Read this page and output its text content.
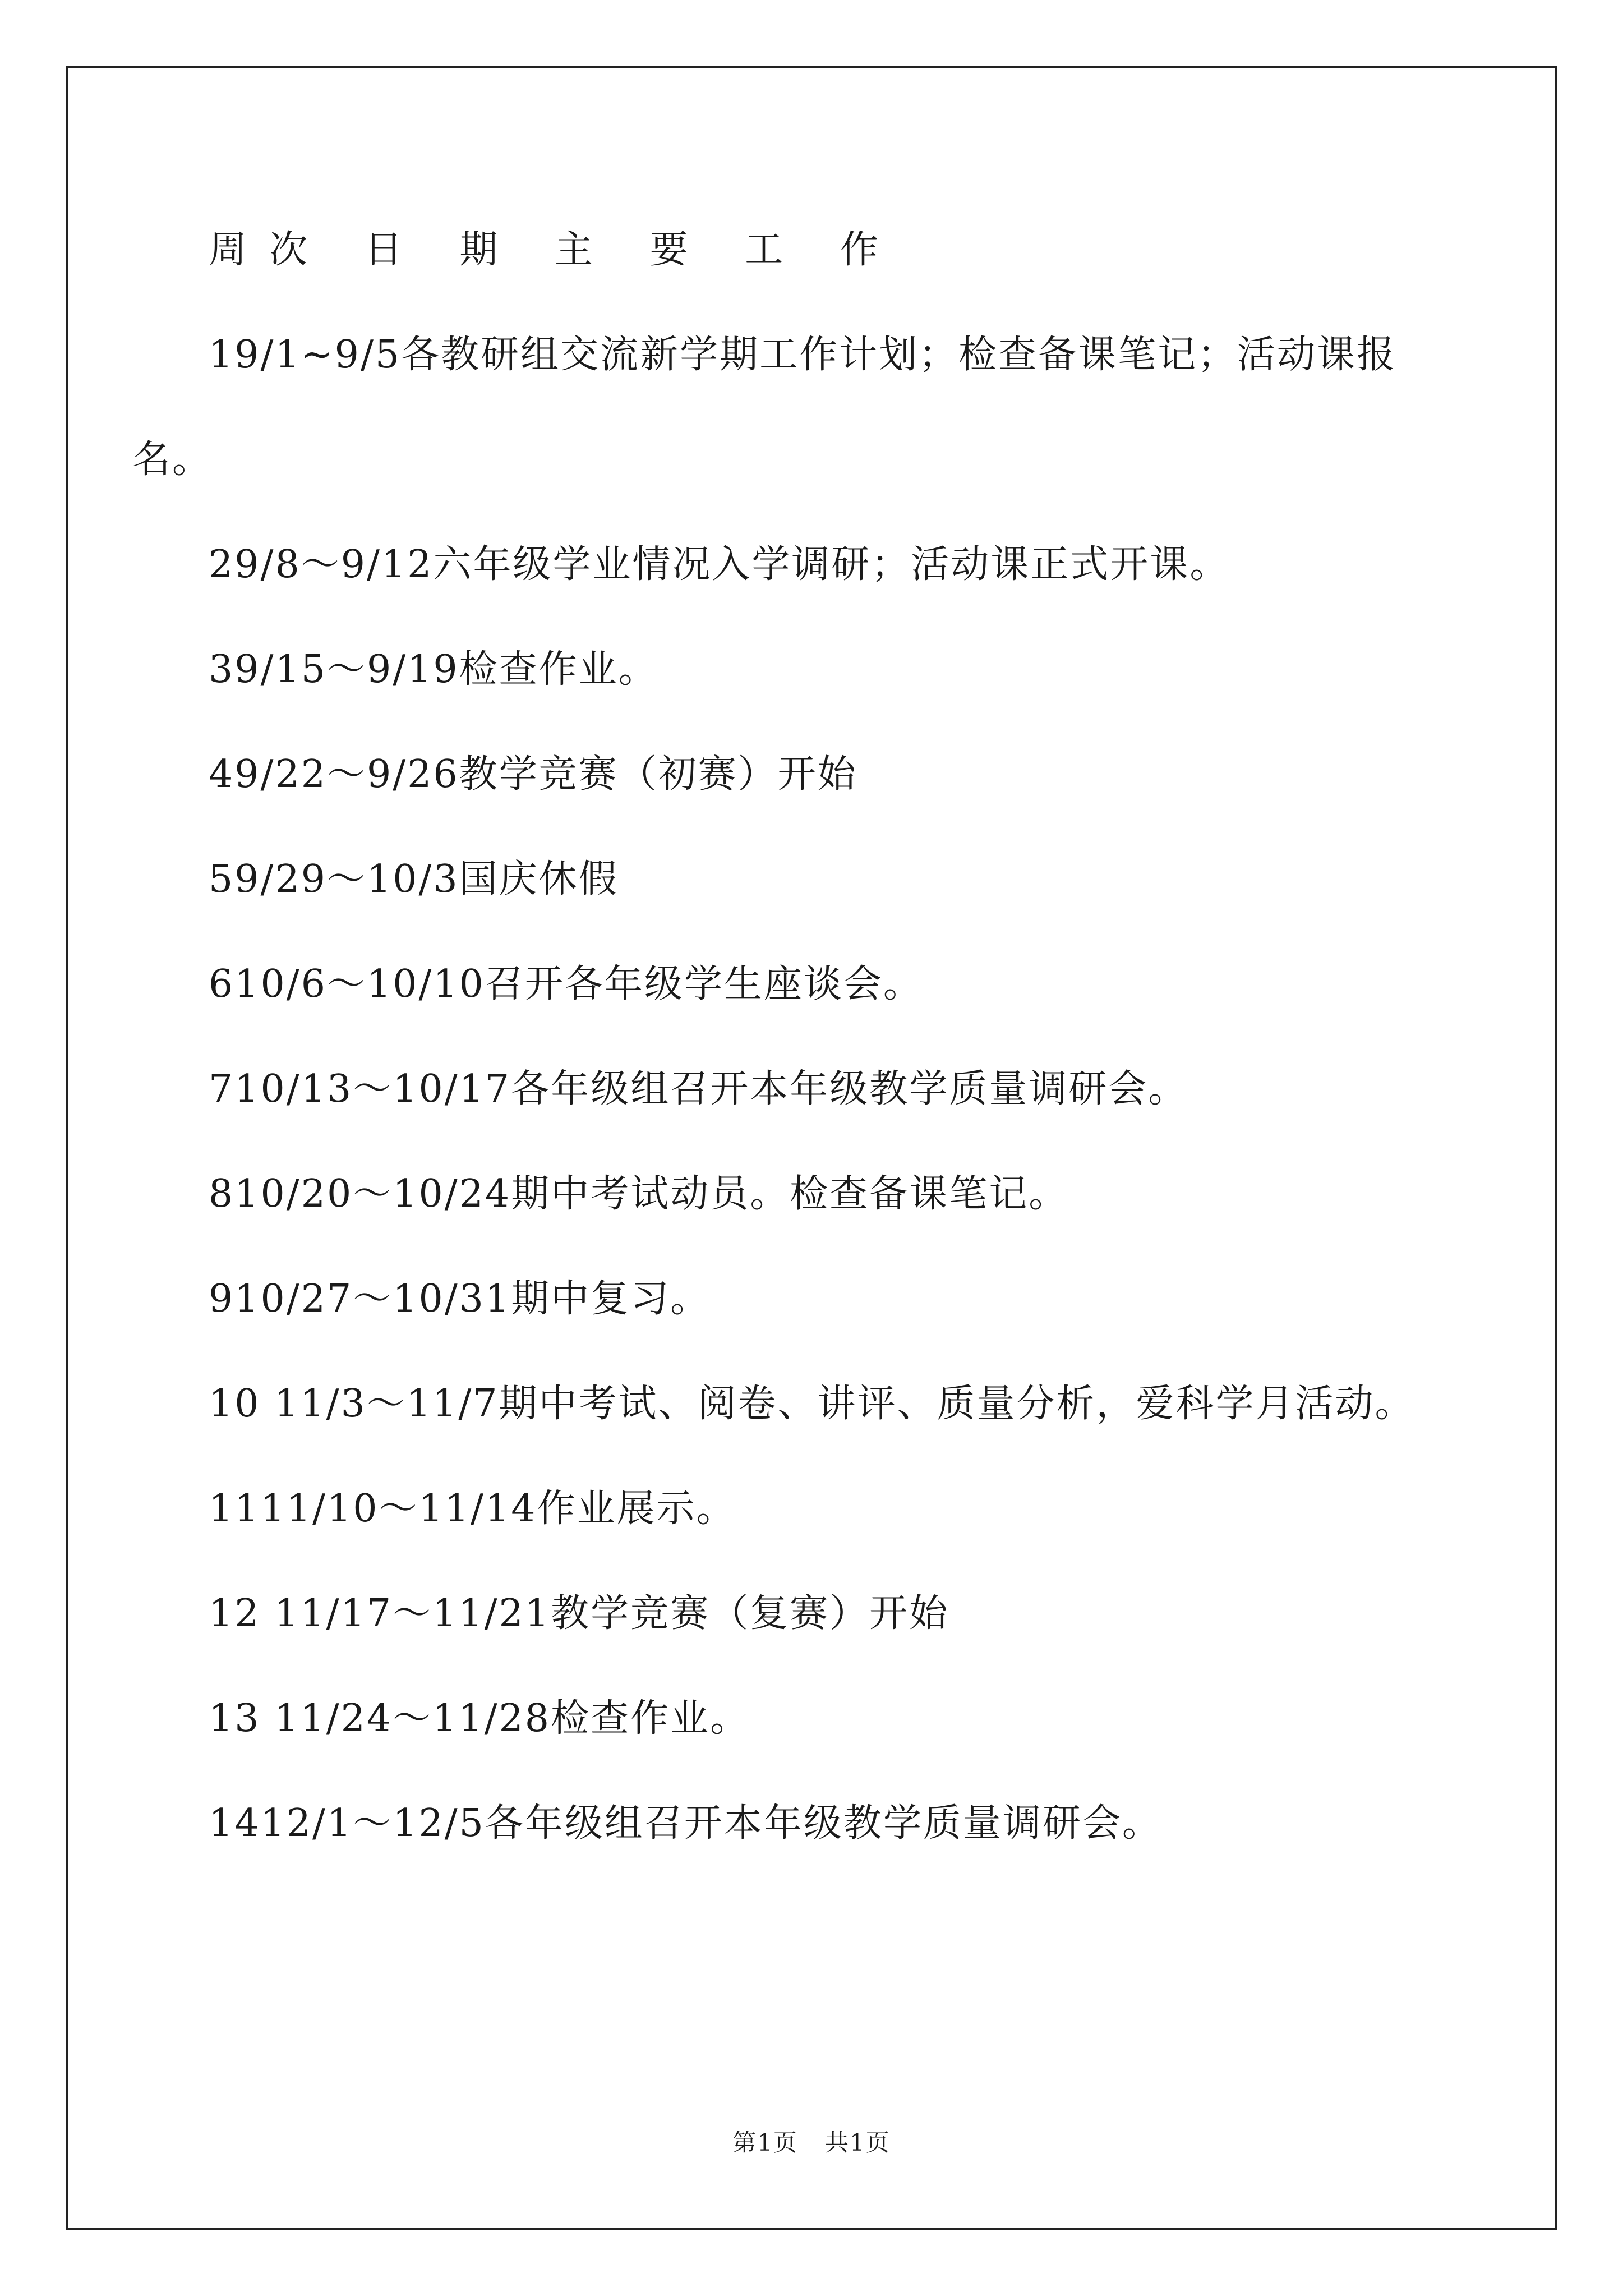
周次 日 期 主 要 工 作

19/1~9/5各教研组交流新学期工作计划；检查备课笔记；活动课报名。

29/8～9/12六年级学业情况入学调研；活动课正式开课。

39/15～9/19检查作业。

49/22～9/26教学竞赛（初赛）开始

59/29～10/3国庆休假

610/6～10/10召开各年级学生座谈会。

710/13～10/17各年级组召开本年级教学质量调研会。

810/20～10/24期中考试动员。检查备课笔记。

910/27～10/31期中复习。

10 11/3～11/7期中考试、阅卷、讲评、质量分析，爱科学月活动。

1111/10～11/14作业展示。

12 11/17～11/21教学竞赛（复赛）开始

13 11/24～11/28检查作业。

1412/1～12/5各年级组召开本年级教学质量调研会。

第1页 共1页
